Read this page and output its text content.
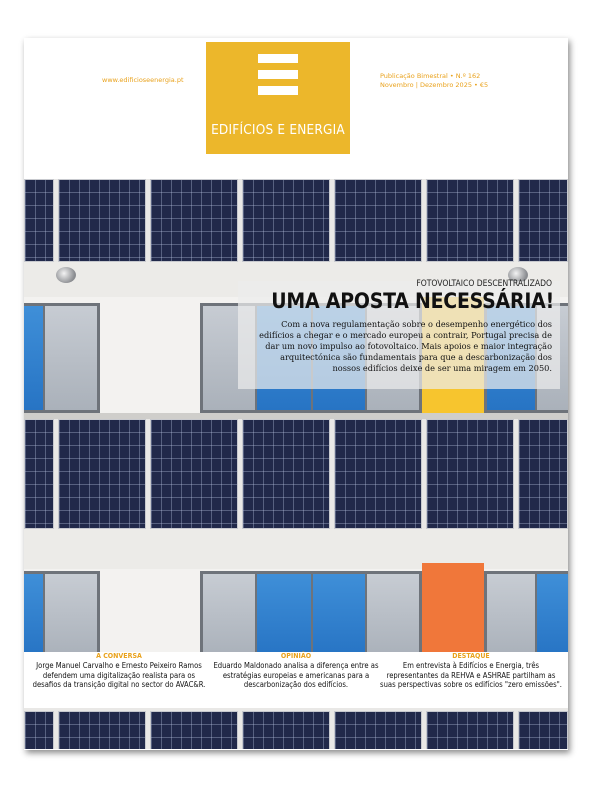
www.edificioseenergia.pt	Publicação Bimestral • N.º 162
Novembro | Dezembro 2025 • €5
EDIFÍCIOS E ENERGIA
FOTOVOLTAICO DESCENTRALIZADO
UMA APOSTA NECESSÁRIA!
Com a nova regulamentação sobre o desempenho energético dos edifícios a chegar e o mercado europeu a contrair, Portugal precisa de dar um novo impulso ao fotovoltaico. Mais apoios e maior integração arquitectónica são fundamentais para que a descarbonização dos nossos edifícios deixe de ser uma miragem em 2050.
A CONVERSA
Jorge Manuel Carvalho e Ernesto Peixeiro Ramos defendem uma digitalização realista para os desafios da transição digital no sector do AVAC&R.
OPINIÃO
Eduardo Maldonado analisa a diferença entre as estratégias europeias e americanas para a descarbonização dos edifícios.
DESTAQUE
Em entrevista à Edifícios e Energia, três representantes da REHVA e ASHRAE partilham as suas perspectivas sobre os edifícios "zero emissões".
